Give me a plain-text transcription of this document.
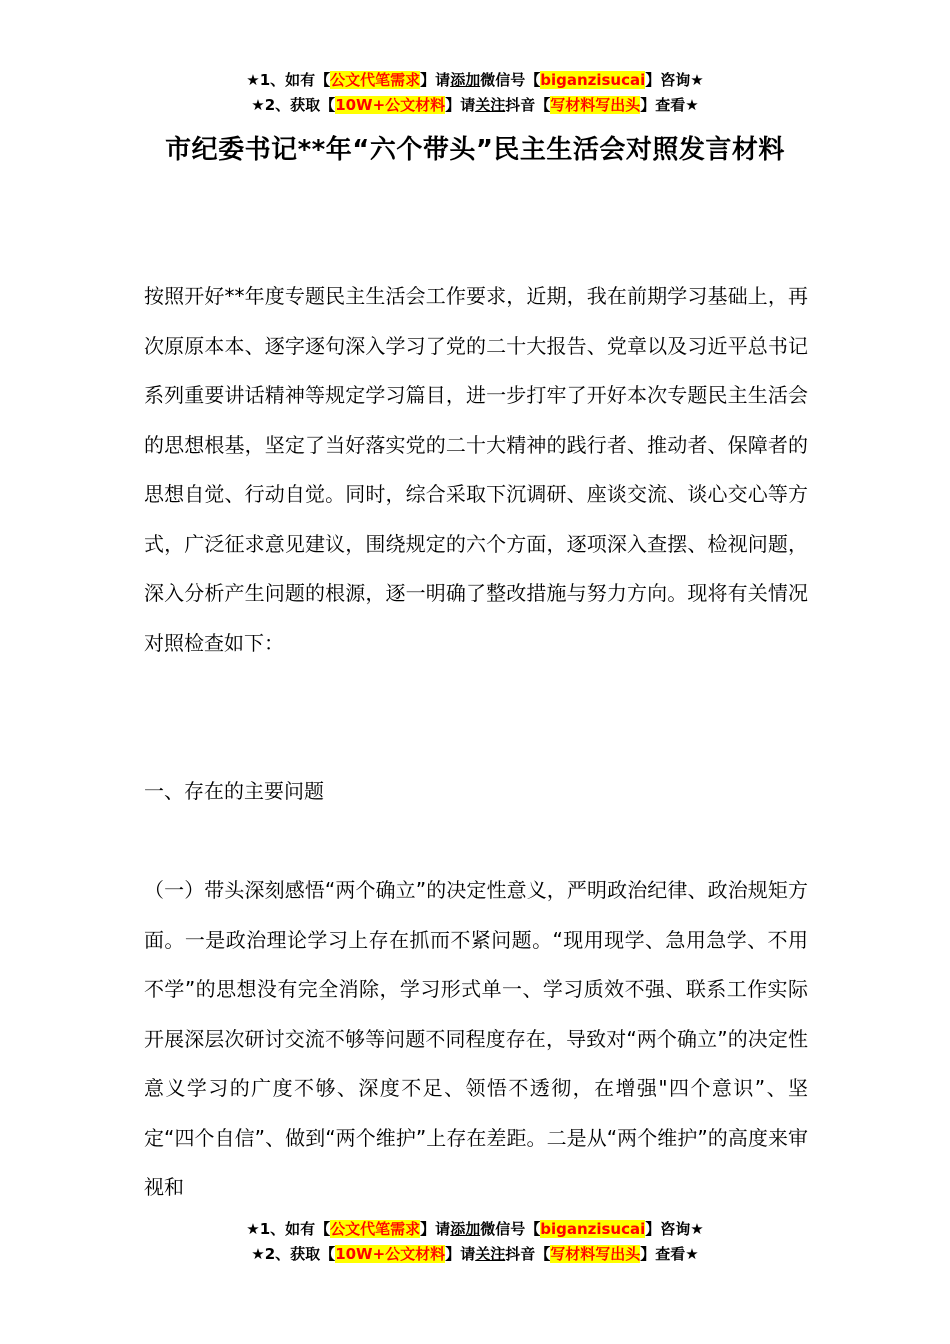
★1、如有【公文代笔需求】请添加微信号【biganzisucai】咨询★
★2、获取【10W+公文材料】请关注抖音【写材料写出头】查看★
市纪委书记**年“六个带头”民主生活会对照发言材料

按照开好**年度专题民主生活会工作要求，近期，我在前期学习基础上，再次原原本本、逐字逐句深入学习了党的二十大报告、党章以及习近平总书记系列重要讲话精神等规定学习篇目，进一步打牢了开好本次专题民主生活会的思想根基，坚定了当好落实党的二十大精神的践行者、推动者、保障者的思想自觉、行动自觉。同时，综合采取下沉调研、座谈交流、谈心交心等方式，广泛征求意见建议，围绕规定的六个方面，逐项深入查摆、检视问题，深入分析产生问题的根源，逐一明确了整改措施与努力方向。现将有关情况对照检查如下：

一、存在的主要问题

（一）带头深刻感悟“两个确立”的决定性意义，严明政治纪律、政治规矩方面。一是政治理论学习上存在抓而不紧问题。“现用现学、急用急学、不用不学”的思想没有完全消除，学习形式单一、学习质效不强、联系工作实际开展深层次研讨交流不够等问题不同程度存在，导致对“两个确立”的决定性意义学习的广度不够、深度不足、领悟不透彻，在增强"四个意识”、坚定“四个自信”、做到“两个维护”上存在差距。二是从“两个维护”的高度来审视和

★1、如有【公文代笔需求】请添加微信号【biganzisucai】咨询★
★2、获取【10W+公文材料】请关注抖音【写材料写出头】查看★
